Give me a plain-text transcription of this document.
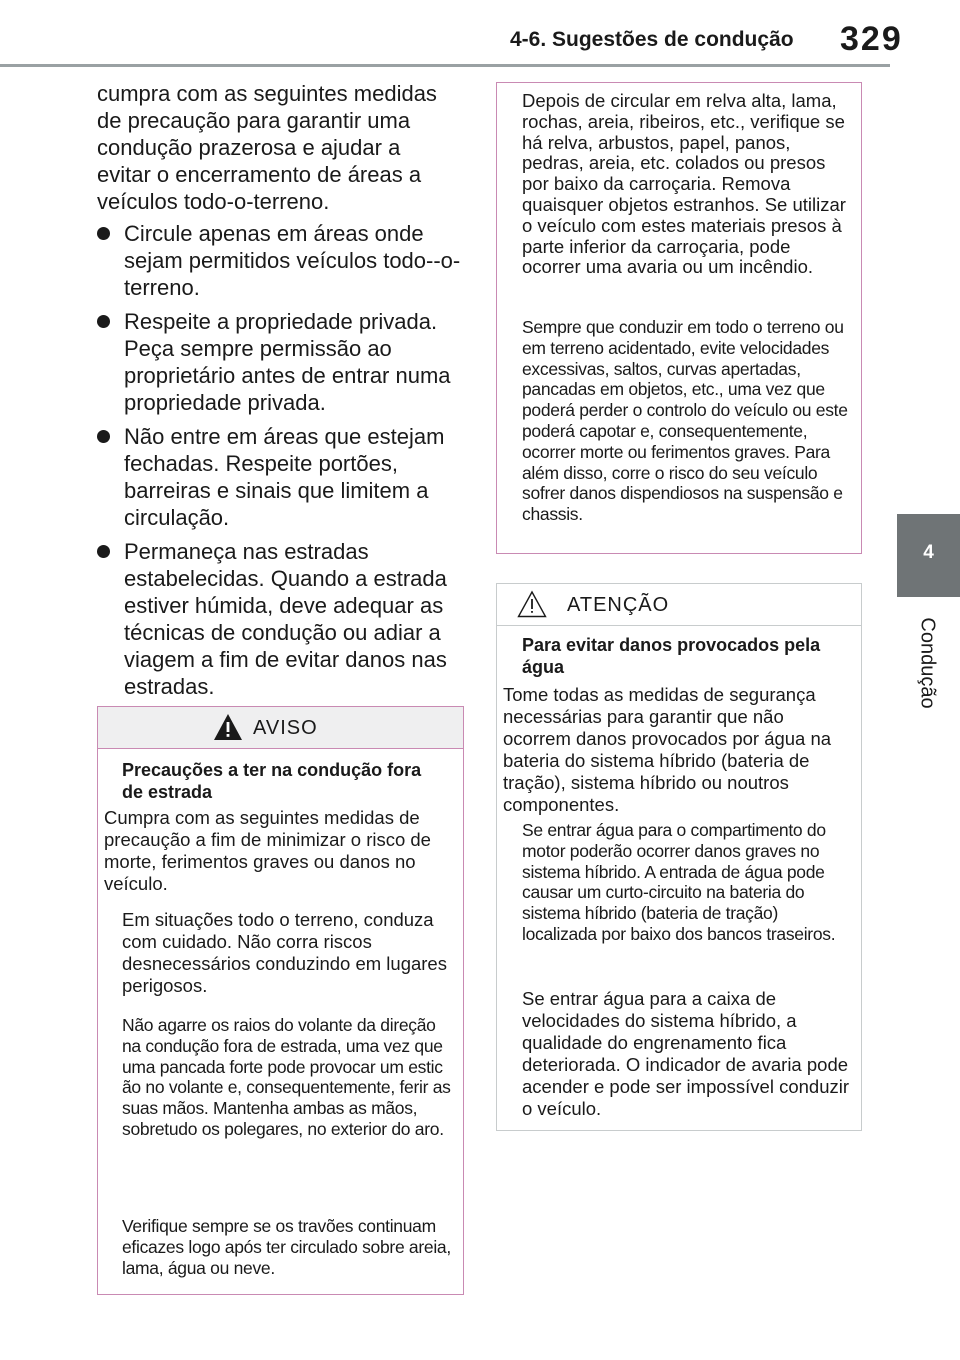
4-6. Sugestões de condução 329
4
Condução

cumpra com as seguintes medidas de precaução para garantir uma condução prazerosa e ajudar a evitar o encerramento de áreas a veículos todo-o-terreno.

Circule apenas em áreas onde sejam permitidos veículos todo--o-terreno.
Respeite a propriedade privada. Peça sempre permissão ao proprietário antes de entrar numa propriedade privada.
Não entre em áreas que estejam fechadas. Respeite portões, barreiras e sinais que limitem a circulação.
Permaneça nas estradas estabelecidas. Quando a estrada estiver húmida, deve adequar as técnicas de condução ou adiar a viagem a fim de evitar danos nas estradas.
AVISO
Precauções a ter na condução fora de estrada
Cumpra com as seguintes medidas de precaução a fim de minimizar o risco de morte, ferimentos graves ou danos no veículo.
Em situações todo o terreno, conduza com cuidado. Não corra riscos desnecessários conduzindo em lugares perigosos.
Não agarre os raios do volante da direção na condução fora de estrada, uma vez que uma pancada forte pode provocar um estic​ão no volante e, consequentemente, ferir as suas mãos. Mantenha ambas as mãos, sobretudo os polegares, no exterior do aro.
Verifique sempre se os travões continuam eficazes logo após ter circulado sobre areia, lama, água ou neve.
Depois de circular em relva alta, lama, rochas, areia, ribeiros, etc., verifique se há relva, arbustos, papel, panos, pedras, areia, etc. colados ou presos por baixo da carroçaria. Remova quaisquer objetos estranhos. Se utilizar o veículo com estes materiais presos à parte inferior da carroçaria, pode ocorrer uma avaria ou um incêndio.
Sempre que conduzir em todo o terreno ou em terreno acidentado, evite velocidades excessivas, saltos, curvas apertadas, pancadas em objetos, etc., uma vez que poderá perder o controlo do veículo ou este poderá capotar e, consequentemente, ocorrer morte ou ferimentos graves. Para além disso, corre o risco do seu veículo sofrer danos dispendiosos na suspensão e chassis.
ATENÇÃO
Para evitar danos provocados pela água
Tome todas as medidas de segurança necessárias para garantir que não ocorrem danos provocados por água na bateria do sistema híbrido (bateria de tração), sistema híbrido ou noutros componentes.
Se entrar água para o compartimento do motor poderão ocorrer danos graves no sistema híbrido. A entrada de água pode causar um curto-circuito na bateria do sistema híbrido (bateria de tração) localizada por baixo dos bancos traseiros.
Se entrar água para a caixa de velocidades do sistema híbrido, a qualidade do engrenamento fica deteriorada. O indicador de avaria pode acender e pode ser impossível conduzir o veículo.
